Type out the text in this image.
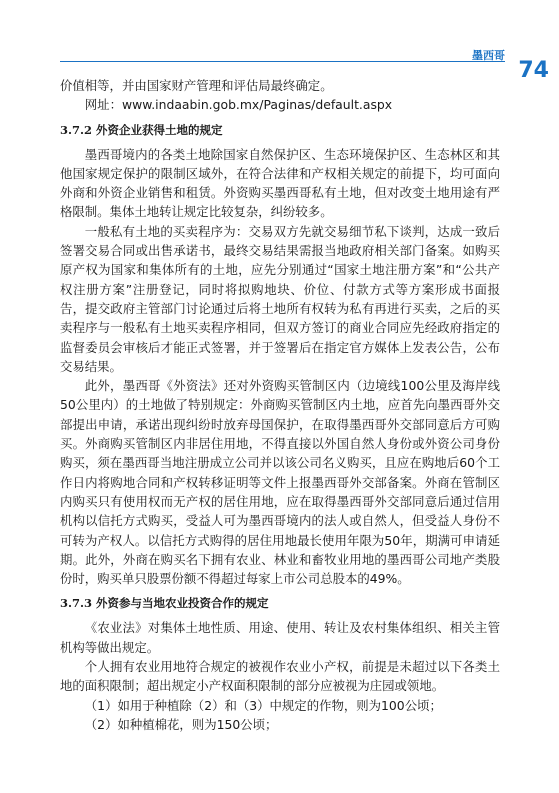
墨西哥
74

价值相等，并由国家财产管理和评估局最终确定。

网址：www.indaabin.gob.mx/Paginas/default.aspx

3.7.2 外资企业获得土地的规定

墨西哥境内的各类土地除国家自然保护区、生态环境保护区、生态林区和其他国家规定保护的限制区域外，在符合法律和产权相关规定的前提下，均可面向外商和外资企业销售和租赁。外资购买墨西哥私有土地，但对改变土地用途有严格限制。集体土地转让规定比较复杂，纠纷较多。

一般私有土地的买卖程序为：交易双方先就交易细节私下谈判，达成一致后签署交易合同或出售承诺书，最终交易结果需报当地政府相关部门备案。如购买原产权为国家和集体所有的土地，应先分别通过“国家土地注册方案”和“公共产权注册方案”注册登记，同时将拟购地块、价位、付款方式等方案形成书面报告，提交政府主管部门讨论通过后将土地所有权转为私有再进行买卖，之后的买卖程序与一般私有土地买卖程序相同，但双方签订的商业合同应先经政府指定的监督委员会审核后才能正式签署，并于签署后在指定官方媒体上发表公告，公布交易结果。

此外，墨西哥《外资法》还对外资购买管制区内（边境线100公里及海岸线50公里内）的土地做了特别规定：外商购买管制区内土地，应首先向墨西哥外交部提出申请，承诺出现纠纷时放弃母国保护，在取得墨西哥外交部同意后方可购买。外商购买管制区内非居住用地，不得直接以外国自然人身份或外资公司身份购买，须在墨西哥当地注册成立公司并以该公司名义购买，且应在购地后60个工作日内将购地合同和产权转移证明等文件上报墨西哥外交部备案。外商在管制区内购买只有使用权而无产权的居住用地，应在取得墨西哥外交部同意后通过信用机构以信托方式购买，受益人可为墨西哥境内的法人或自然人，但受益人身份不可转为产权人。以信托方式购得的居住用地最长使用年限为50年，期满可申请延期。此外，外商在购买名下拥有农业、林业和畜牧业用地的墨西哥公司地产类股份时，购买单只股票份额不得超过每家上市公司总股本的49%。

3.7.3 外资参与当地农业投资合作的规定

《农业法》对集体土地性质、用途、使用、转让及农村集体组织、相关主管机构等做出规定。

个人拥有农业用地符合规定的被视作农业小产权，前提是未超过以下各类土地的面积限制；超出规定小产权面积限制的部分应被视为庄园或领地。

（1）如用于种植除（2）和（3）中规定的作物，则为100公顷；

（2）如种植棉花，则为150公顷；
